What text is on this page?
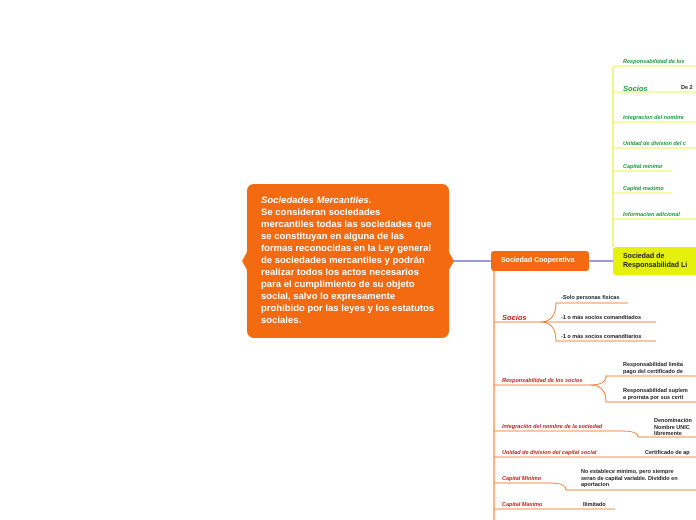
Sociedades Mercantiles.
Se consideran sociedades mercantiles todas las sociedades que se constituyan en alguna de las formas reconocidas en la Ley general de sociedades mercantiles y podrán realizar todos los actos necesarios para el cumplimiento de su objeto social, salvo lo expresamente prohibido por las leyes y los estatutos sociales.
Sociedad Cooperativa
Sociedad de
Responsabilidad Li
Socios
-Solo personas fisicas
-1 o más socios comanditados
-1 o más socios comanditarios
Responsabilidad de los socios
Responsabilidad limita
pago del certificado de
Responsabilidad suplem
a prorrata por sus certi
Integración del nombre de la sociedad
Denominación
Nombre UNIC
libremente
Unidad de division del capital social	Certificado de ap
Capital Minimo
No establece minimo, pero siempre
seran de capital variable. Dividido en
aportacion
Capital Maximo	Ilimitado
Responsabilidad de los
Socios	De 2
Integracion del nombre
Unidad de division del c
Capital minimo
Capital maximo
Informacion adicional
